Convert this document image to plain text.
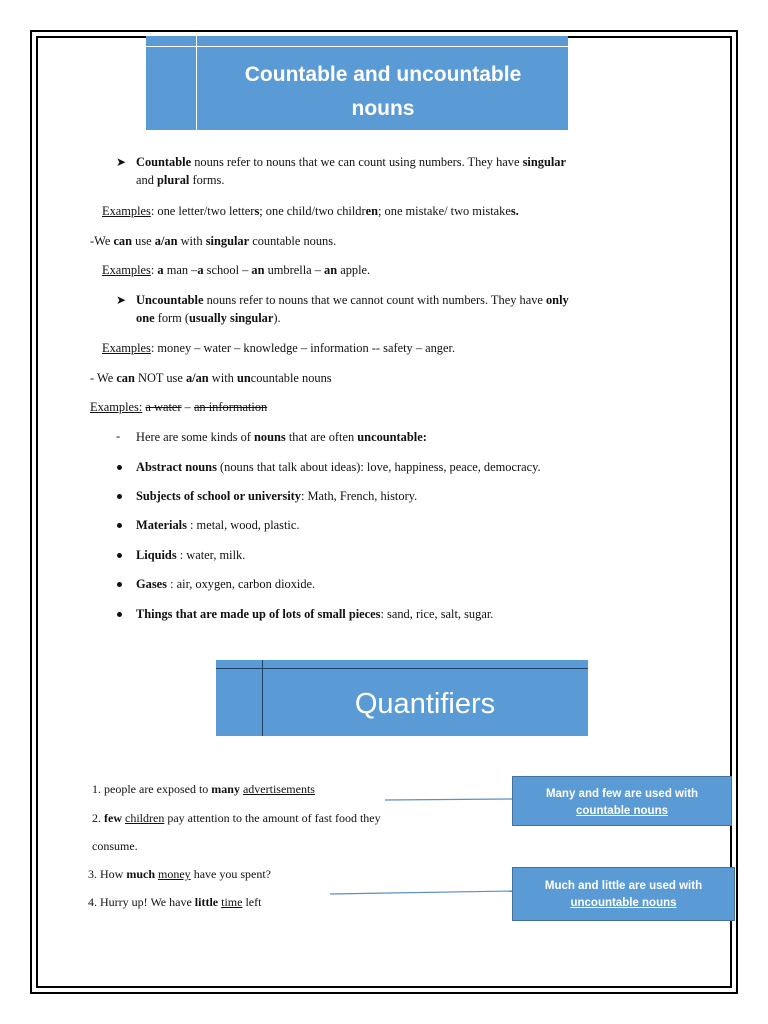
Countable and uncountable
nouns
➤ Countable nouns refer to nouns that we can count using numbers. They have singular
and plural forms.
Examples: one letter/two letters; one child/two children; one mistake/ two mistakes.
-We can use a/an with singular countable nouns.
Examples: a man –a school – an umbrella – an apple.
➤ Uncountable nouns refer to nouns that we cannot count with numbers. They have only
one form (usually singular).
Examples: money – water – knowledge – information -- safety – anger.
- We can NOT use a/an with uncountable nouns
Examples: a water – an information
- Here are some kinds of nouns that are often uncountable:
Abstract nouns (nouns that talk about ideas): love, happiness, peace, democracy.
Subjects of school or university: Math, French, history.
Materials : metal, wood, plastic.
Liquids : water, milk.
Gases : air, oxygen, carbon dioxide.
Things that are made up of lots of small pieces: sand, rice, salt, sugar.
Quantifiers
1. people are exposed to many advertisements
2. few children pay attention to the amount of fast food they
consume.
3. How much money have you spent?
4. Hurry up! We have little time left
Many and few are used with
countable nouns
Much and little are used with
uncountable nouns
